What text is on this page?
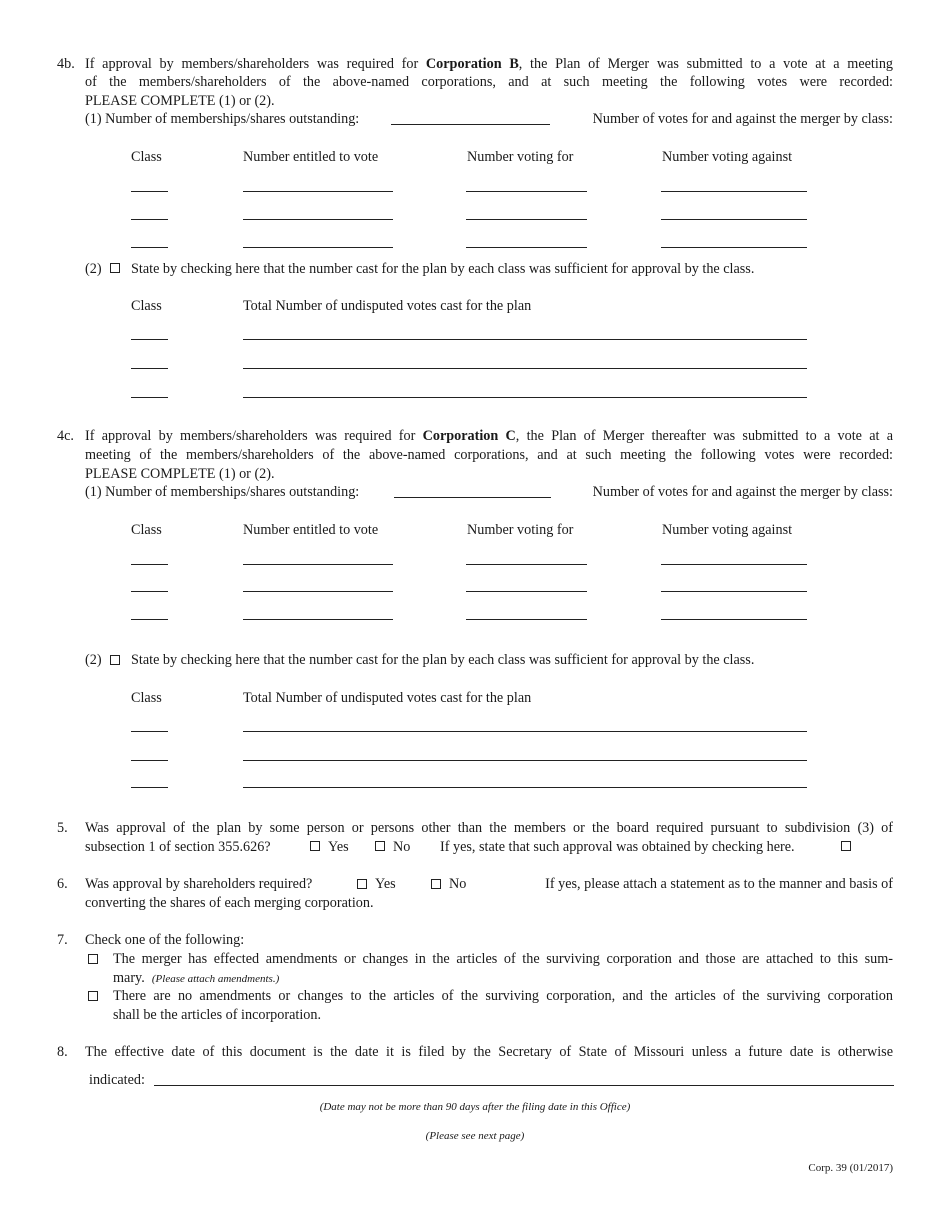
4b. If approval by members/shareholders was required for Corporation B, the Plan of Merger was submitted to a vote at a meeting
of the members/shareholders of the above-named corporations, and at such meeting the following votes were recorded:
PLEASE COMPLETE (1) or (2).
(1) Number of memberships/shares outstanding:	Number of votes for and against the merger by class:
Class	Number entitled to vote	Number voting for	Number voting against
(2) State by checking here that the number cast for the plan by each class was sufficient for approval by the class.
Class	Total Number of undisputed votes cast for the plan
4c. If approval by members/shareholders was required for Corporation C, the Plan of Merger thereafter was submitted to a vote at a
meeting of the members/shareholders of the above-named corporations, and at such meeting the following votes were recorded:
PLEASE COMPLETE (1) or (2).
(1) Number of memberships/shares outstanding:	Number of votes for and against the merger by class:
Class	Number entitled to vote	Number voting for	Number voting against
(2) State by checking here that the number cast for the plan by each class was sufficient for approval by the class.
Class	Total Number of undisputed votes cast for the plan
5. Was approval of the plan by some person or persons other than the members or the board required pursuant to subdivision (3) of
subsection 1 of section 355.626?	Yes	No If yes, state that such approval was obtained by checking here.
6. Was approval by shareholders required?	Yes	No	If yes, please attach a statement as to the manner and basis of
converting the shares of each merging corporation.
7. Check one of the following:
The merger has effected amendments or changes in the articles of the surviving corporation and those are attached to this sum-
mary. (Please attach amendments.)
There are no amendments or changes to the articles of the surviving corporation, and the articles of the surviving corporation
shall be the articles of incorporation.
8. The effective date of this document is the date it is filed by the Secretary of State of Missouri unless a future date is otherwise
indicated:
(Date may not be more than 90 days after the filing date in this Office)
(Please see next page)
Corp. 39 (01/2017)
